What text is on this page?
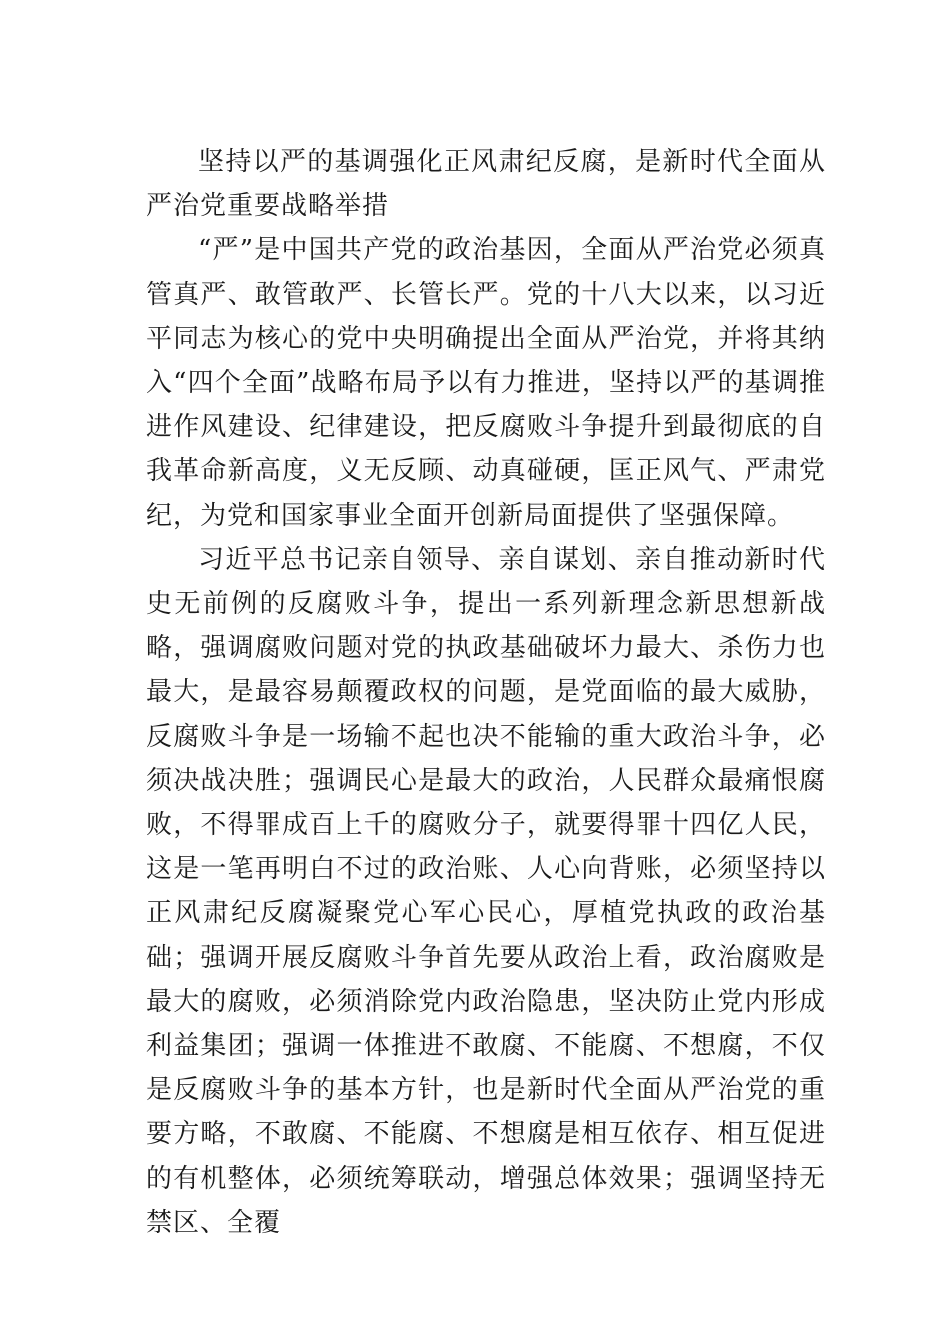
坚持以严的基调强化正风肃纪反腐，是新时代全面从严治党重要战略举措

“严”是中国共产党的政治基因，全面从严治党必须真管真严、敢管敢严、长管长严。党的十八大以来，以习近平同志为核心的党中央明确提出全面从严治党，并将其纳入“四个全面”战略布局予以有力推进，坚持以严的基调推进作风建设、纪律建设，把反腐败斗争提升到最彻底的自我革命新高度，义无反顾、动真碰硬，匡正风气、严肃党纪，为党和国家事业全面开创新局面提供了坚强保障。

习近平总书记亲自领导、亲自谋划、亲自推动新时代史无前例的反腐败斗争，提出一系列新理念新思想新战略，强调腐败问题对党的执政基础破坏力最大、杀伤力也最大，是最容易颠覆政权的问题，是党面临的最大威胁，反腐败斗争是一场输不起也决不能输的重大政治斗争，必须决战决胜；强调民心是最大的政治，人民群众最痛恨腐败，不得罪成百上千的腐败分子，就要得罪十四亿人民，这是一笔再明白不过的政治账、人心向背账，必须坚持以正风肃纪反腐凝聚党心军心民心，厚植党执政的政治基础；强调开展反腐败斗争首先要从政治上看，政治腐败是最大的腐败，必须消除党内政治隐患，坚决防止党内形成利益集团；强调一体推进不敢腐、不能腐、不想腐，不仅是反腐败斗争的基本方针，也是新时代全面从严治党的重要方略，不敢腐、不能腐、不想腐是相互依存、相互促进的有机整体，必须统筹联动，增强总体效果；强调坚持无禁区、全覆
